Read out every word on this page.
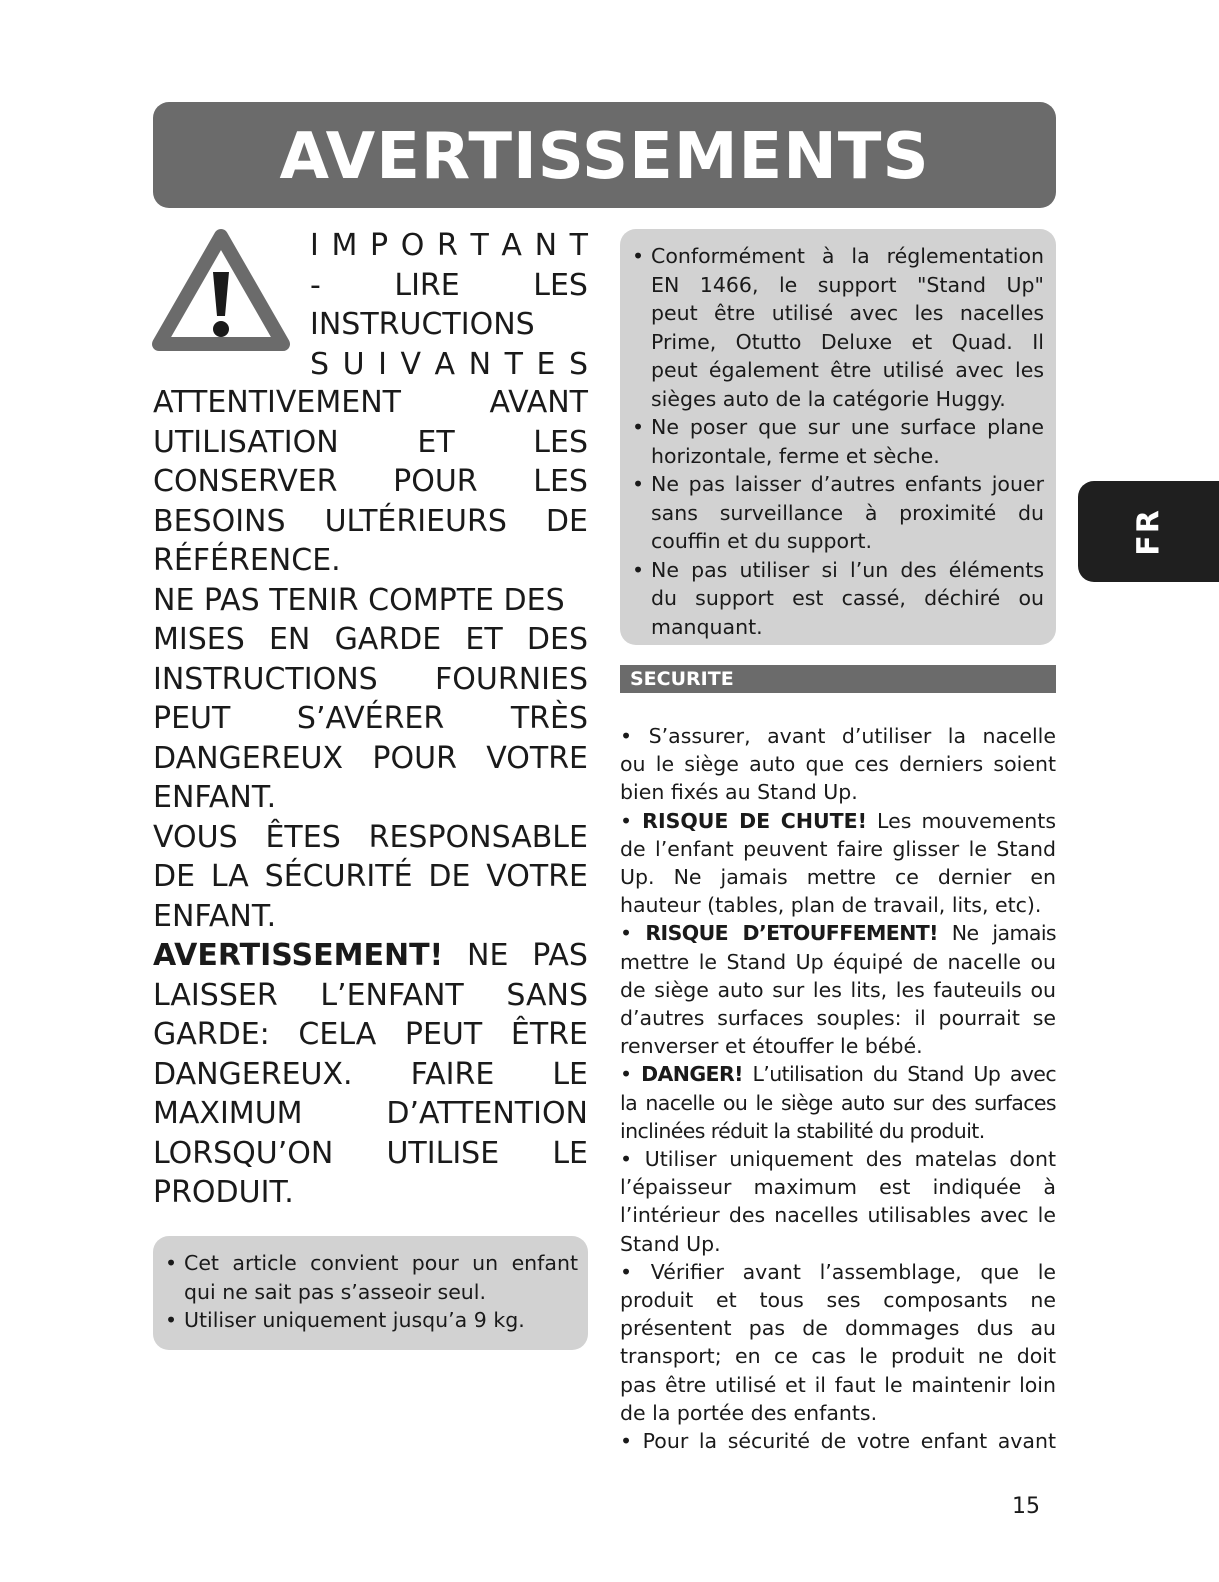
AVERTISSEMENTS
I M P O R T A N T
- LIRE LES
INSTRUCTIONS
S U I V A N T E S
ATTENTIVEMENT	AVANT
UTILISATION	ET	LES
CONSERVER POUR LES
BESOINS ULTÉRIEURS DE
RÉFÉRENCE.
NE PAS TENIR COMPTE DES
MISES EN GARDE ET DES
INSTRUCTIONS FOURNIES
PEUT S’AVÉRER TRÈS
DANGEREUX POUR VOTRE
ENFANT.
VOUS ÊTES RESPONSABLE
DE LA SÉCURITÉ DE VOTRE
ENFANT.
AVERTISSEMENT! NE PAS
LAISSER L’ENFANT SANS
GARDE: CELA PEUT ÊTRE
DANGEREUX. FAIRE LE
MAXIMUM	D’ATTENTION
LORSQU’ON UTILISE LE
PRODUIT.
• Cet article convient pour un enfant
qui ne sait pas s’asseoir seul.
• Utiliser uniquement jusqu’a 9 kg.
• Conformément à la réglementation
EN 1466, le support "Stand Up"
peut être utilisé avec les nacelles
Prime, Otutto Deluxe et Quad. Il
peut également être utilisé avec les
sièges auto de la catégorie Huggy.
• Ne poser que sur une surface plane
horizontale, ferme et sèche.
• Ne pas laisser d’autres enfants jouer
sans surveillance à proximité du
couffin et du support.
• Ne pas utiliser si l’un des éléments
du support est cassé, déchiré ou
manquant.
SECURITE
• S’assurer, avant d’utiliser la nacelle
ou le siège auto que ces derniers soient
bien fixés au Stand Up.
• RISQUE DE CHUTE! Les mouvements
de l’enfant peuvent faire glisser le Stand
Up. Ne jamais mettre ce dernier en
hauteur (tables, plan de travail, lits, etc).
• RISQUE D’ETOUFFEMENT! Ne jamais
mettre le Stand Up équipé de nacelle ou
de siège auto sur les lits, les fauteuils ou
d’autres surfaces souples: il pourrait se
renverser et étouffer le bébé.
• DANGER! L’utilisation du Stand Up avec
la nacelle ou le siège auto sur des surfaces
inclinées réduit la stabilité du produit.
• Utiliser uniquement des matelas dont
l’épaisseur maximum est indiquée à
l’intérieur des nacelles utilisables avec le
Stand Up.
• Vérifier avant l’assemblage, que le
produit et tous ses composants ne
présentent pas de dommages dus au
transport; en ce cas le produit ne doit
pas être utilisé et il faut le maintenir loin
de la portée des enfants.
• Pour la sécurité de votre enfant avant
FR
15
